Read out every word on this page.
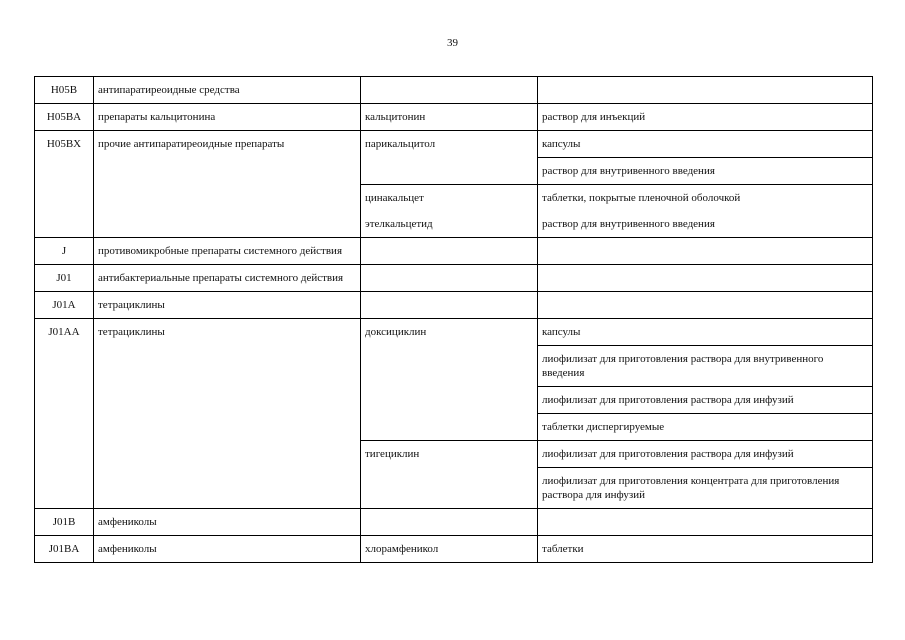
39
H05B	антипаратиреоидные средства		
H05BA	препараты кальцитонина	кальцитонин	раствор для инъекций
H05BX	прочие антипаратиреоидные препараты	парикальцитол	капсулы
			раствор для внутривенного введения
		цинакальцет	таблетки, покрытые пленочной оболочкой
		этелкальцетид	раствор для внутривенного введения
J	противомикробные препараты системного действия		
J01	антибактериальные препараты системного действия		
J01A	тетрациклины		
J01AA	тетрациклины	доксициклин	капсулы
			лиофилизат для приготовления раствора для внутривенного введения
			лиофилизат для приготовления раствора для инфузий
			таблетки диспергируемые
		тигециклин	лиофилизат для приготовления раствора для инфузий
			лиофилизат для приготовления концентрата для приготовления раствора для инфузий
J01B	амфениколы		
J01BA	амфениколы	хлорамфеникол	таблетки
